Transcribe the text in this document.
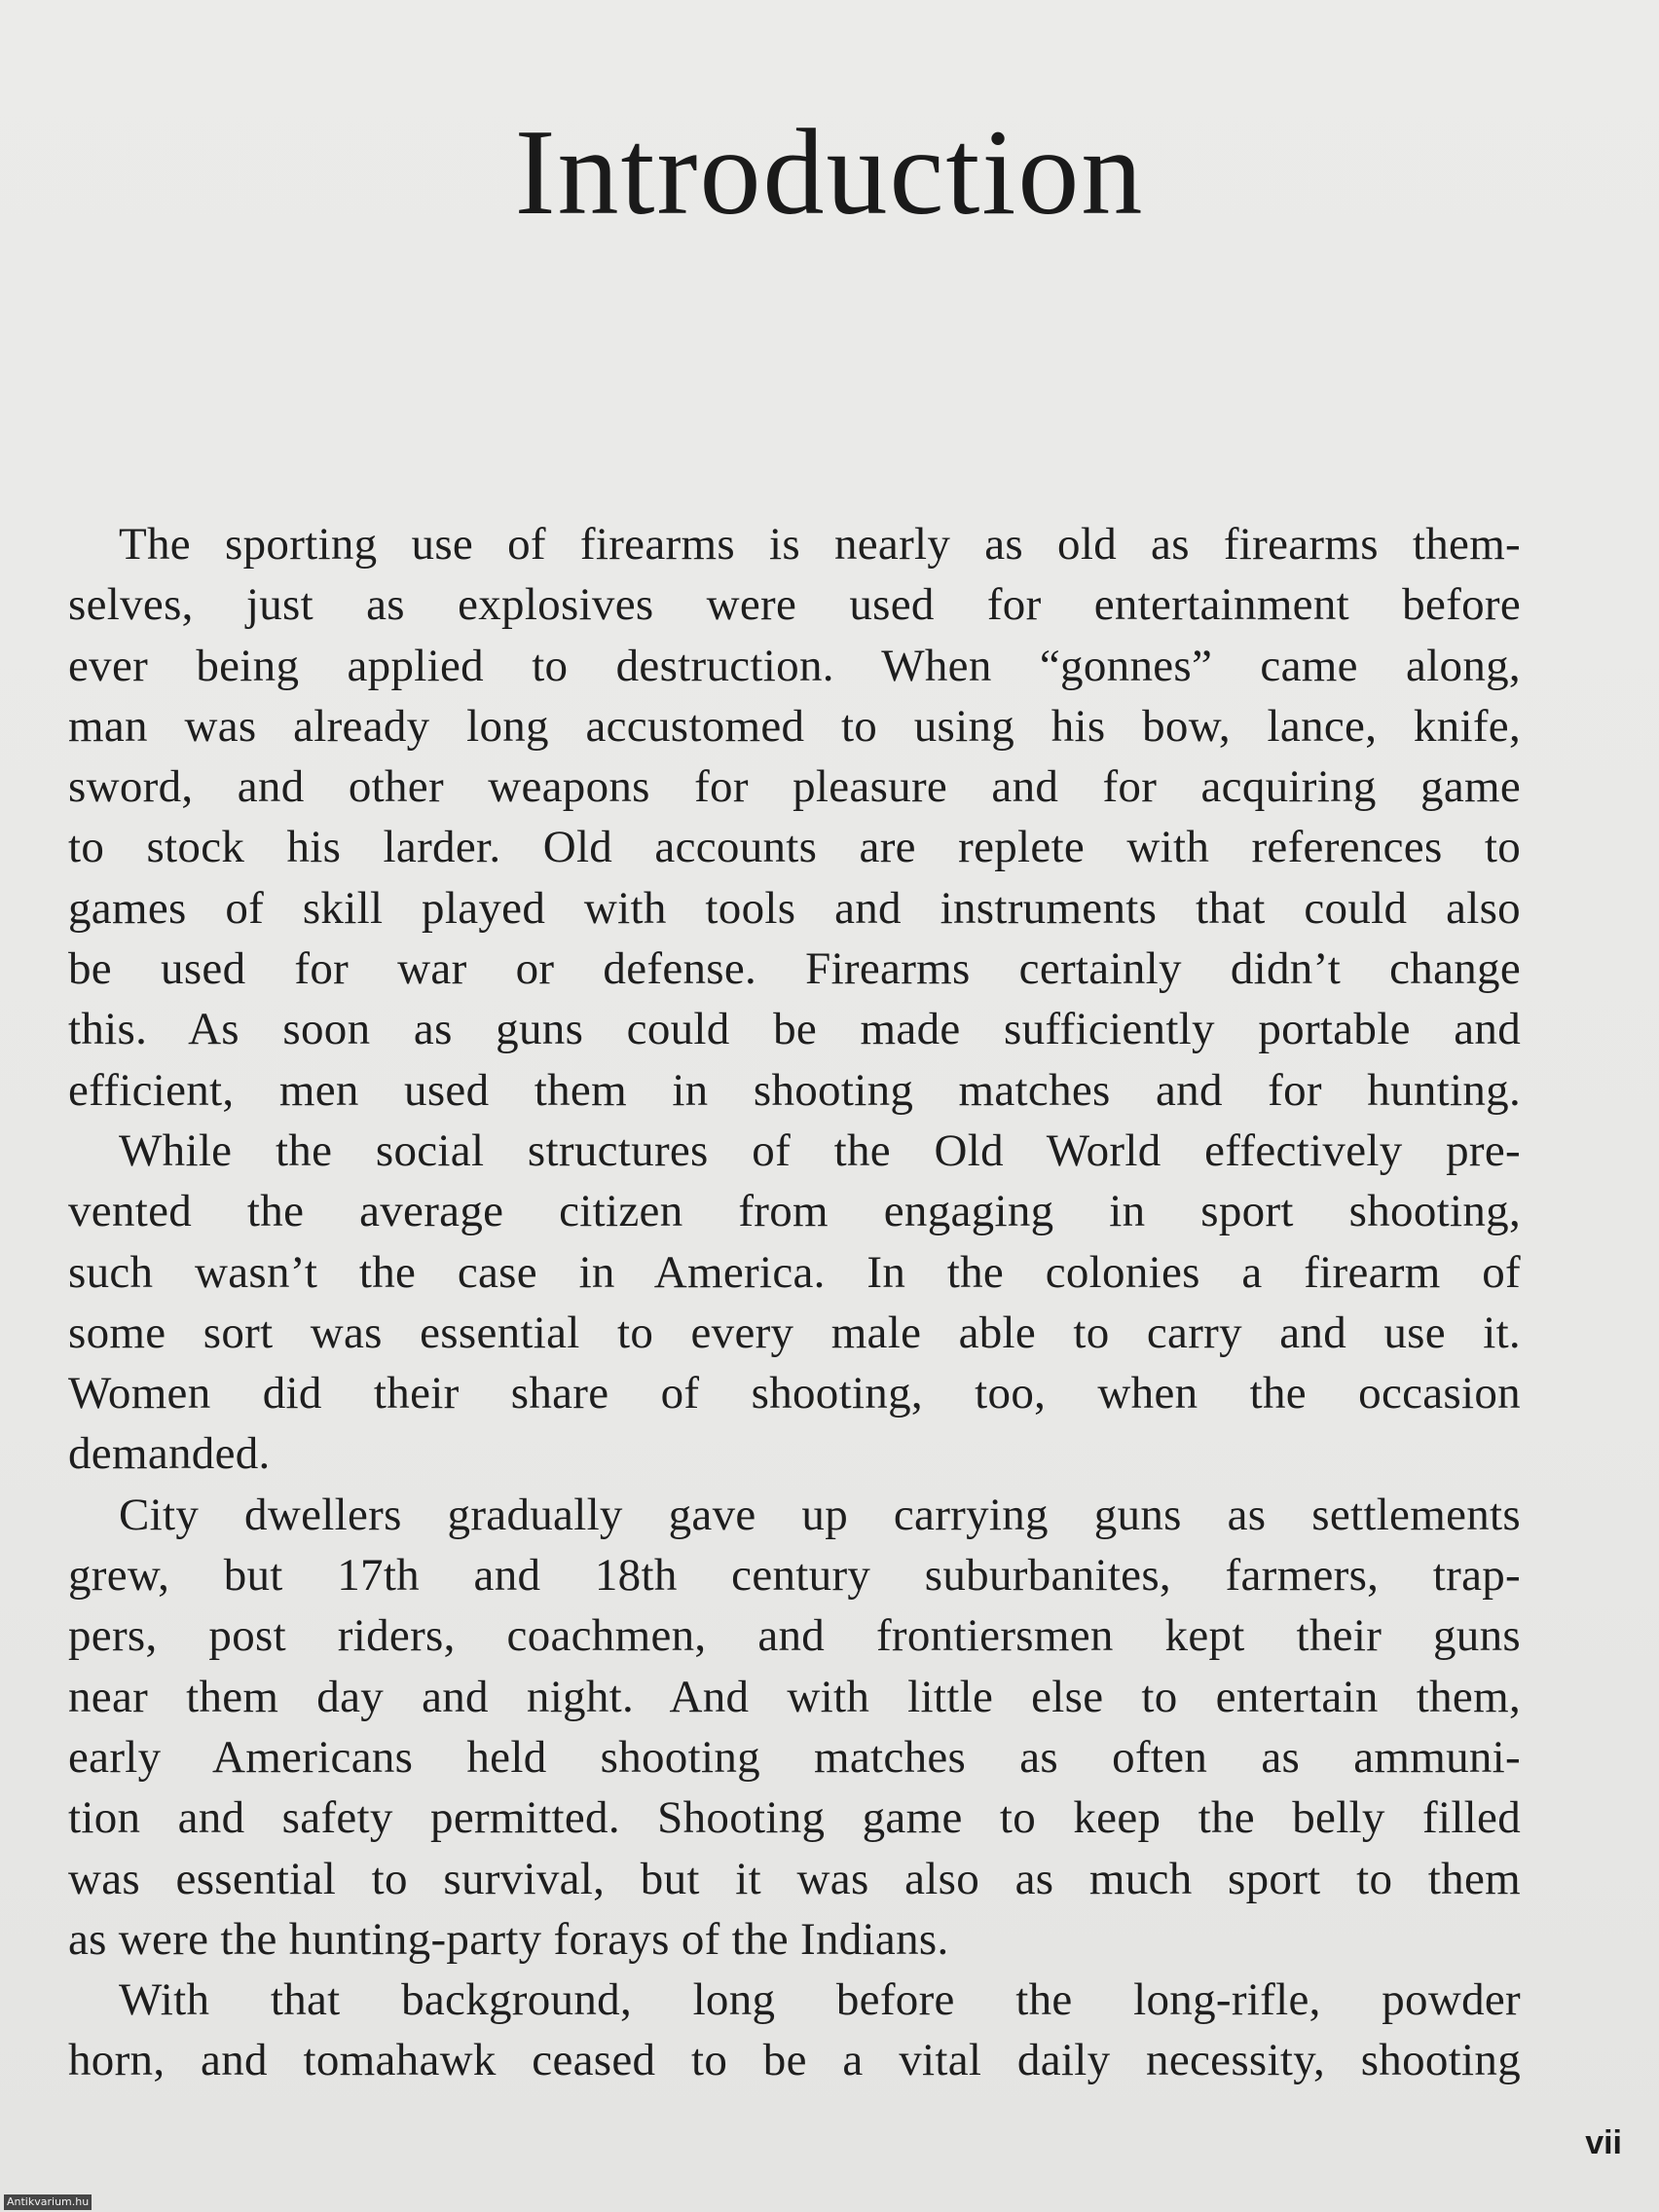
Introduction
The sporting use of firearms is nearly as old as firearms them-
selves, just as explosives were used for entertainment before
ever being applied to destruction. When “gonnes” came along,
man was already long accustomed to using his bow, lance, knife,
sword, and other weapons for pleasure and for acquiring game
to stock his larder. Old accounts are replete with references to
games of skill played with tools and instruments that could also
be used for war or defense. Firearms certainly didn’t change
this. As soon as guns could be made sufficiently portable and
efficient, men used them in shooting matches and for hunting.
While the social structures of the Old World effectively pre-
vented the average citizen from engaging in sport shooting,
such wasn’t the case in America. In the colonies a firearm of
some sort was essential to every male able to carry and use it.
Women did their share of shooting, too, when the occasion
demanded.
City dwellers gradually gave up carrying guns as settlements
grew, but 17th and 18th century suburbanites, farmers, trap-
pers, post riders, coachmen, and frontiersmen kept their guns
near them day and night. And with little else to entertain them,
early Americans held shooting matches as often as ammuni-
tion and safety permitted. Shooting game to keep the belly filled
was essential to survival, but it was also as much sport to them
as were the hunting-party forays of the Indians.
With that background, long before the long-rifle, powder
horn, and tomahawk ceased to be a vital daily necessity, shooting
vii
Antikvarium.hu
